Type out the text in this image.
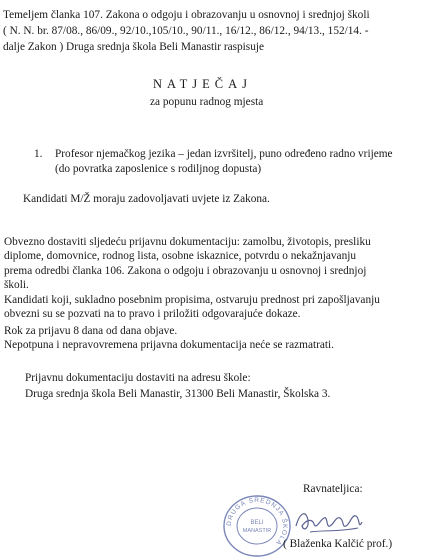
Temeljem članka 107. Zakona o odgoju i obrazovanju u osnovnoj i srednjoj školi
( N. N. br. 87/08., 86/09., 92/10.,105/10., 90/11., 16/12., 86/12., 94/13., 152/14. -
dalje Zakon ) Druga srednja škola Beli Manastir raspisuje
NATJEČAJ
za popunu radnog mjesta
1. Profesor njemačkog jezika – jedan izvršitelj, puno određeno radno vrijeme
(do povratka zaposlenice s rodiljnog dopusta)
Kandidati M/Ž moraju zadovoljavati uvjete iz Zakona.
Obvezno dostaviti sljedeću prijavnu dokumentaciju: zamolbu, životopis, presliku
diplome, domovnice, rodnog lista, osobne iskaznice, potvrdu o nekažnjavanju
prema odredbi članka 106. Zakona o odgoju i obrazovanju u osnovnoj i srednjoj
školi.
Kandidati koji, sukladno posebnim propisima, ostvaruju prednost pri zapošljavanju
obvezni su se pozvati na to pravo i priložiti odgovarajuće dokaze.
Rok za prijavu 8 dana od dana objave.
Nepotpuna i nepravovremena prijavna dokumentacija neće se razmatrati.
Prijavnu dokumentaciju dostaviti na adresu škole:
Druga srednja škola Beli Manastir, 31300 Beli Manastir, Školska 3.
Ravnateljica:
DRUGA SREDNJA ŠKOLA
BELI
MANASTIR
( Blaženka Kalčić prof.)
